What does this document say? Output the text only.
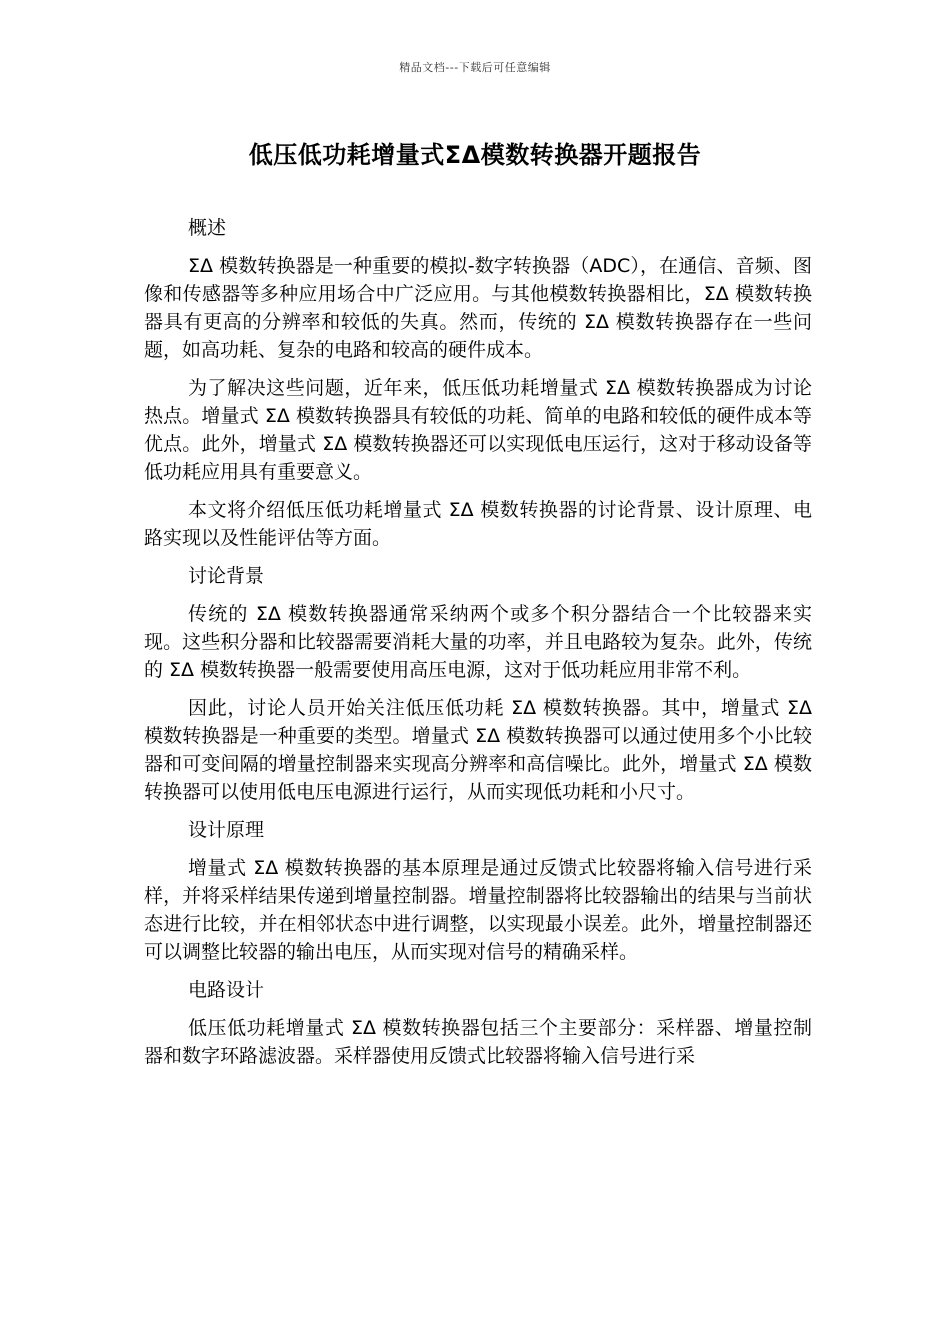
精品文档---下载后可任意编辑
低压低功耗增量式ΣΔ模数转换器开题报告
概述

ΣΔ 模数转换器是一种重要的模拟-数字转换器（ADC），在通信、音频、图像和传感器等多种应用场合中广泛应用。与其他模数转换器相比，ΣΔ 模数转换器具有更高的分辨率和较低的失真。然而，传统的 ΣΔ 模数转换器存在一些问题，如高功耗、复杂的电路和较高的硬件成本。

为了解决这些问题，近年来，低压低功耗增量式 ΣΔ 模数转换器成为讨论热点。增量式 ΣΔ 模数转换器具有较低的功耗、简单的电路和较低的硬件成本等优点。此外，增量式 ΣΔ 模数转换器还可以实现低电压运行，这对于移动设备等低功耗应用具有重要意义。

本文将介绍低压低功耗增量式 ΣΔ 模数转换器的讨论背景、设计原理、电路实现以及性能评估等方面。

讨论背景

传统的 ΣΔ 模数转换器通常采纳两个或多个积分器结合一个比较器来实现。这些积分器和比较器需要消耗大量的功率，并且电路较为复杂。此外，传统的 ΣΔ 模数转换器一般需要使用高压电源，这对于低功耗应用非常不利。

因此，讨论人员开始关注低压低功耗 ΣΔ 模数转换器。其中，增量式 ΣΔ 模数转换器是一种重要的类型。增量式 ΣΔ 模数转换器可以通过使用多个小比较器和可变间隔的增量控制器来实现高分辨率和高信噪比。此外，增量式 ΣΔ 模数转换器可以使用低电压电源进行运行，从而实现低功耗和小尺寸。

设计原理

增量式 ΣΔ 模数转换器的基本原理是通过反馈式比较器将输入信号进行采样，并将采样结果传递到增量控制器。增量控制器将比较器输出的结果与当前状态进行比较，并在相邻状态中进行调整，以实现最小误差。此外，增量控制器还可以调整比较器的输出电压，从而实现对信号的精确采样。

电路设计

低压低功耗增量式 ΣΔ 模数转换器包括三个主要部分：采样器、增量控制器和数字环路滤波器。采样器使用反馈式比较器将输入信号进行采
